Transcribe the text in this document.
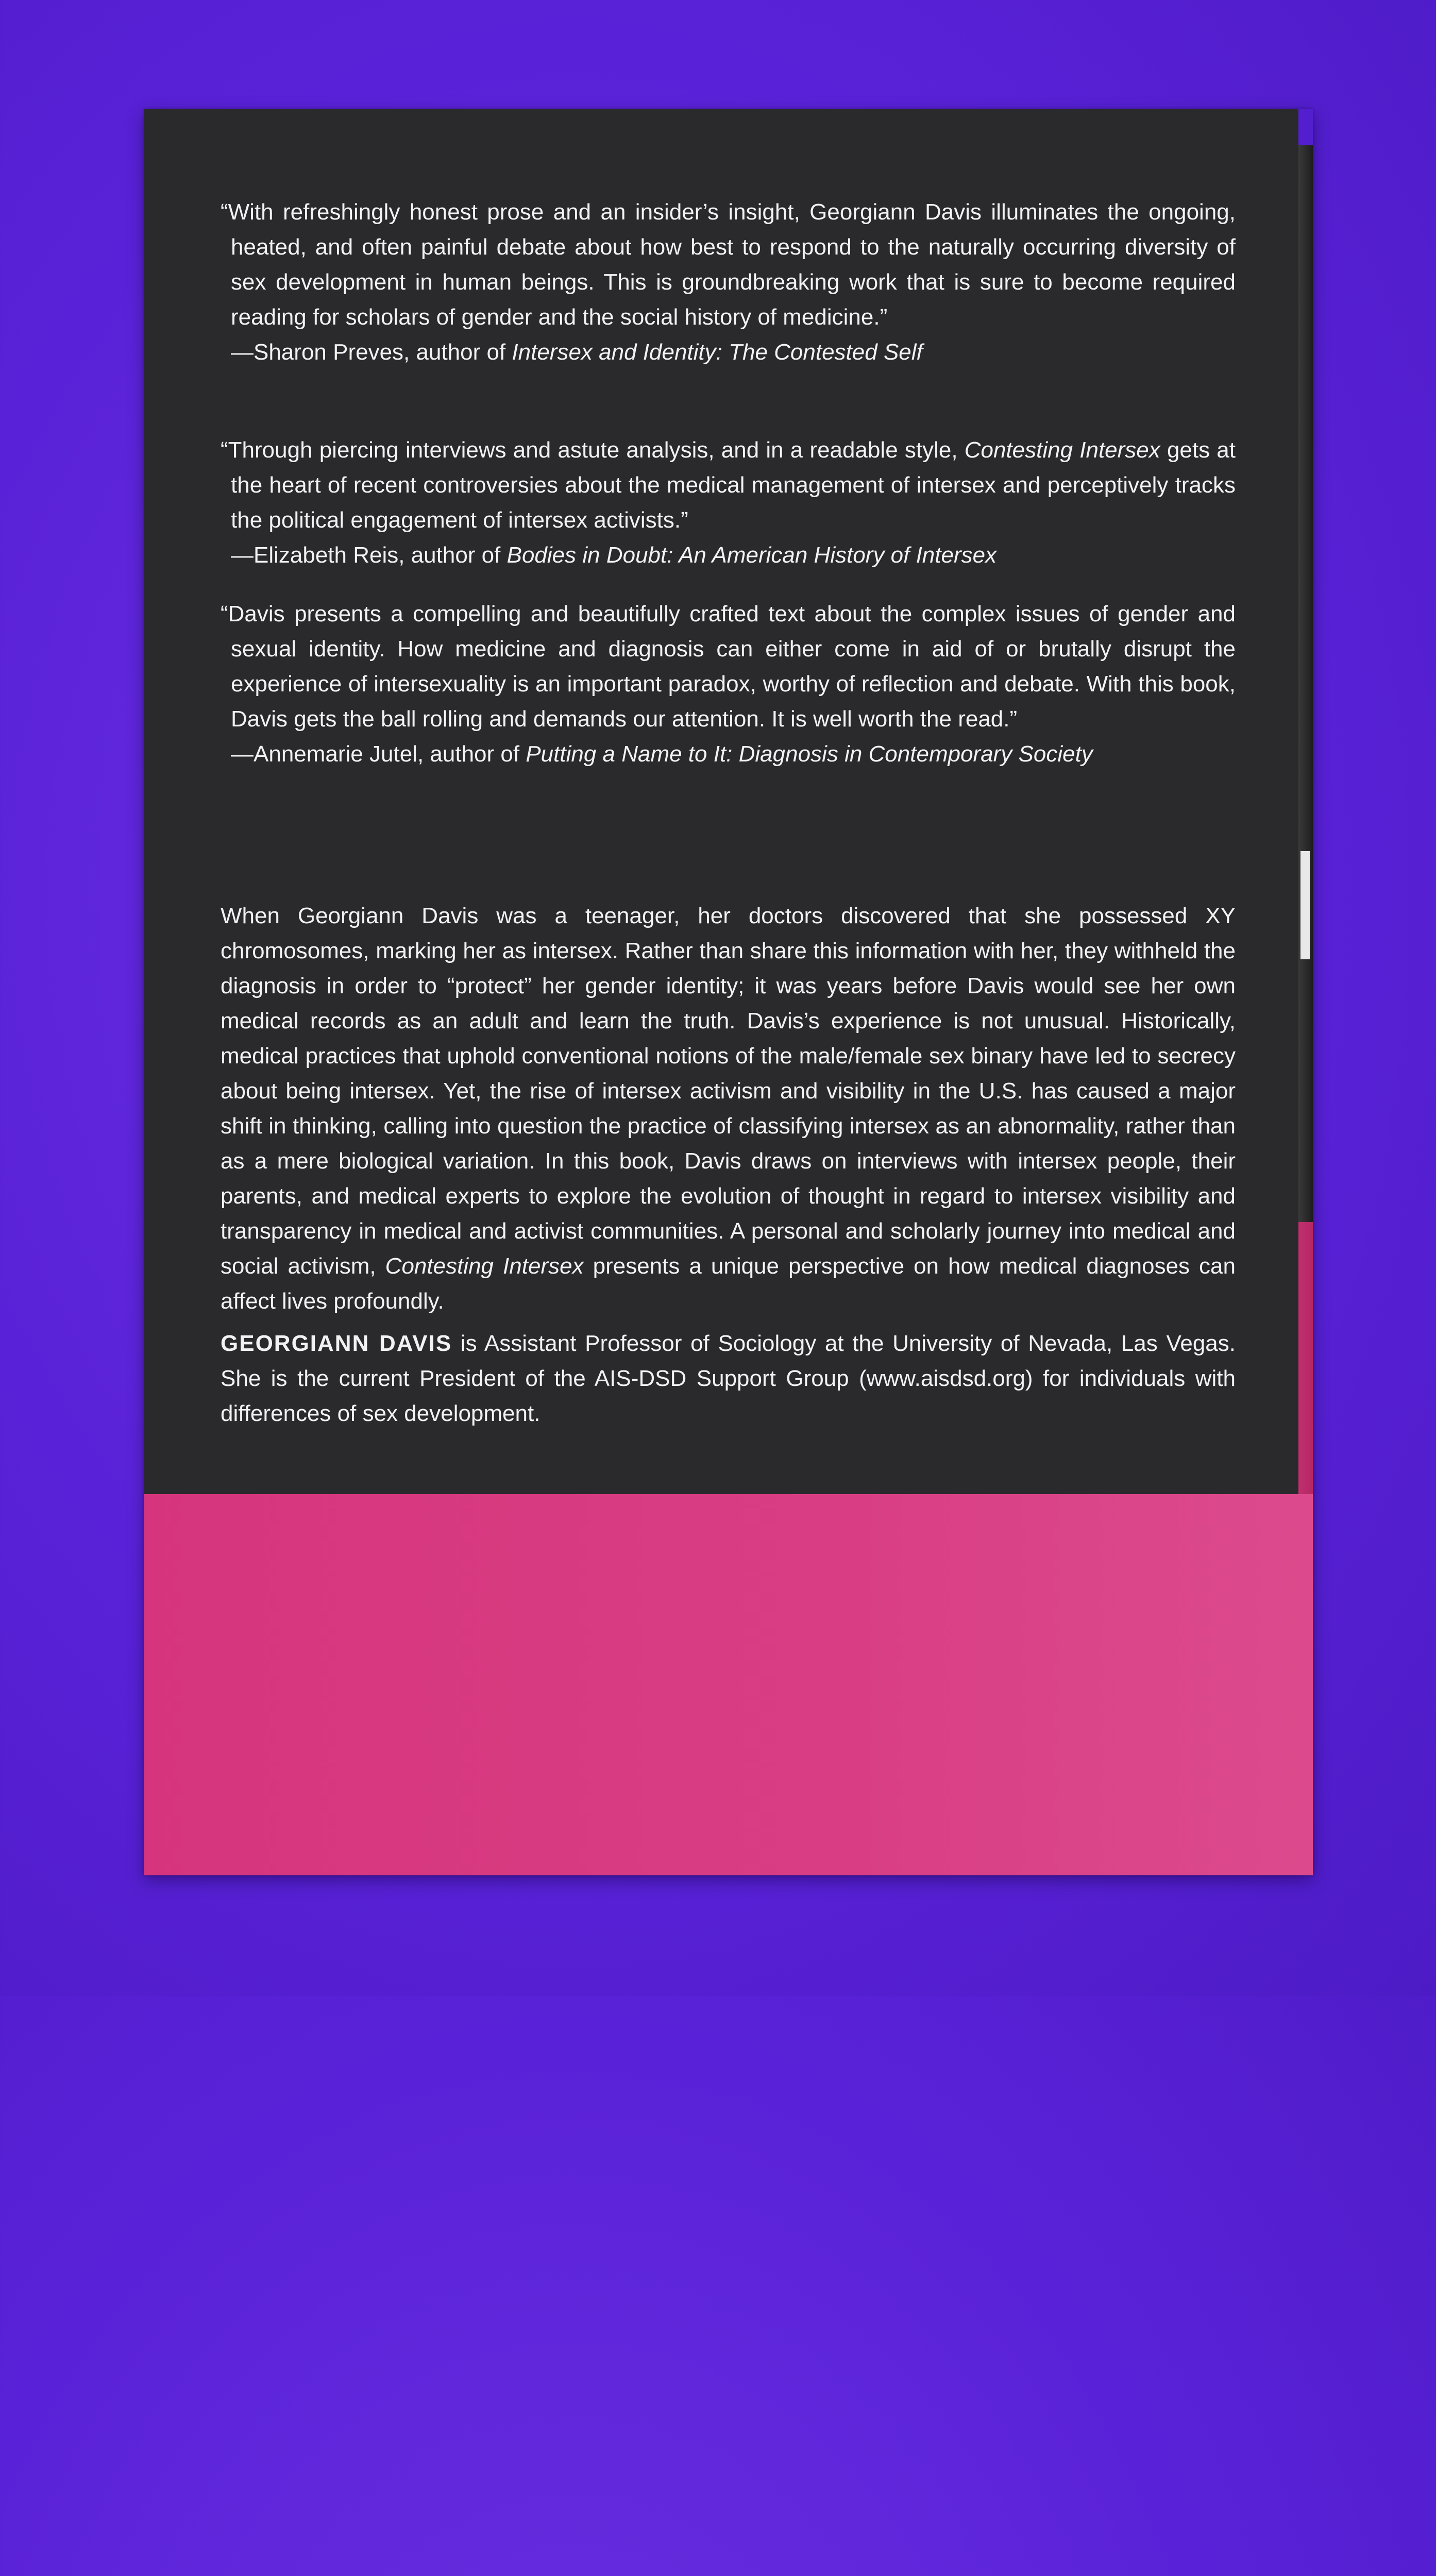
“With refreshingly honest prose and an insider’s insight, Georgiann Davis illuminates the ongoing, heated, and often painful debate about how best to respond to the naturally occurring diversity of sex development in human beings. This is groundbreaking work that is sure to become required reading for scholars of gender and the social history of medicine.”

—Sharon Preves, author of Intersex and Identity: The Contested Self

“Through piercing interviews and astute analysis, and in a readable style, Contesting Intersex gets at the heart of recent controversies about the medical management of intersex and perceptively tracks the political engagement of intersex activists.”

—Elizabeth Reis, author of Bodies in Doubt: An American History of Intersex

“Davis presents a compelling and beautifully crafted text about the complex issues of gender and sexual identity. How medicine and diagnosis can either come in aid of or brutally disrupt the experience of intersexuality is an important paradox, worthy of reflection and debate. With this book, Davis gets the ball rolling and demands our attention. It is well worth the read.”

—Annemarie Jutel, author of Putting a Name to It: Diagnosis in Contemporary Society

When Georgiann Davis was a teenager, her doctors discovered that she possessed XY chromosomes, marking her as intersex. Rather than share this information with her, they withheld the diagnosis in order to “protect” her gender identity; it was years before Davis would see her own medical records as an adult and learn the truth. Davis’s experience is not unusual. Historically, medical practices that uphold conventional notions of the male/female sex binary have led to secrecy about being intersex. Yet, the rise of intersex activism and visibility in the U.S. has caused a major shift in thinking, calling into question the practice of classifying intersex as an abnormality, rather than as a mere biological variation. In this book, Davis draws on interviews with intersex people, their parents, and medical experts to explore the evolution of thought in regard to intersex visibility and transparency in medical and activist communities. A personal and scholarly journey into medical and social activism, Contesting Intersex presents a unique perspective on how medical diagnoses can affect lives profoundly.

GEORGIANN DAVIS is Assistant Professor of Sociology at the University of Nevada, Las Vegas. She is the current President of the AIS-DSD Support Group (www.aisdsd.org) for individuals with differences of sex development.
